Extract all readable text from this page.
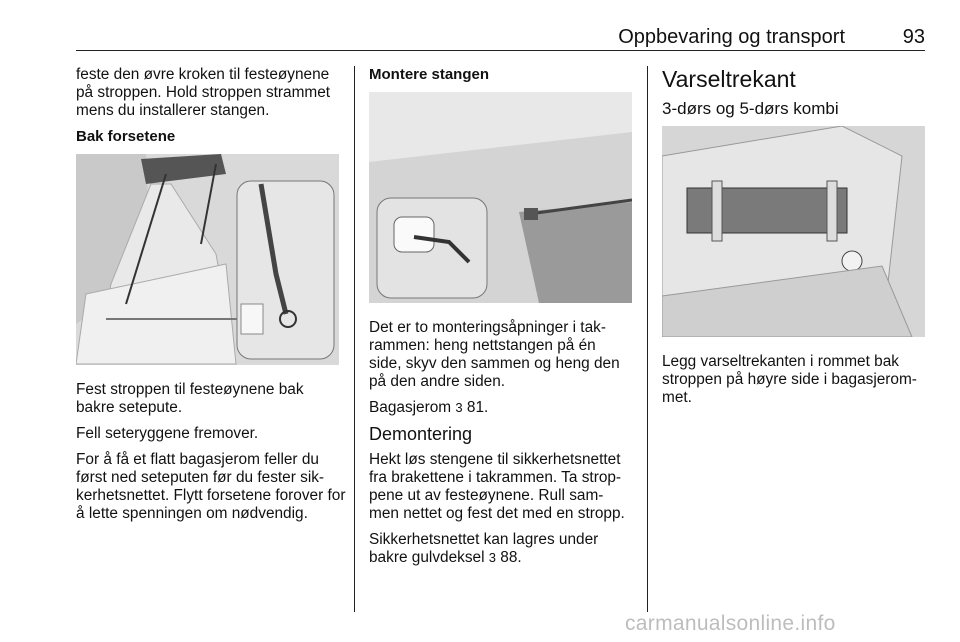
Oppbevaring og transport	93

feste den øvre kroken til festeøynene på stroppen. Hold stroppen strammet mens du installerer stangen.

Bak forsetene

Fest stroppen til festeøynene bak bakre setepute.

Fell seteryggene fremover.

For å få et flatt bagasjerom feller du først ned seteputen før du fester sik-kerhetsnettet. Flytt forsetene forover for å lette spenningen om nødvendig.

Montere stangen

Det er to monteringsåpninger i tak-rammen: heng nettstangen på én side, skyv den sammen og heng den på den andre siden.

Bagasjerom 3 81.

Demontering

Hekt løs stengene til sikkerhetsnettet fra brakettene i takrammen. Ta strop-pene ut av festeøynene. Rull sam-men nettet og fest det med en stropp.

Sikkerhetsnettet kan lagres under bakre gulvdeksel 3 88.

Varseltrekant

3-dørs og 5-dørs kombi

Legg varseltrekanten i rommet bak stroppen på høyre side i bagasjerom-met.

carmanualsonline.info
